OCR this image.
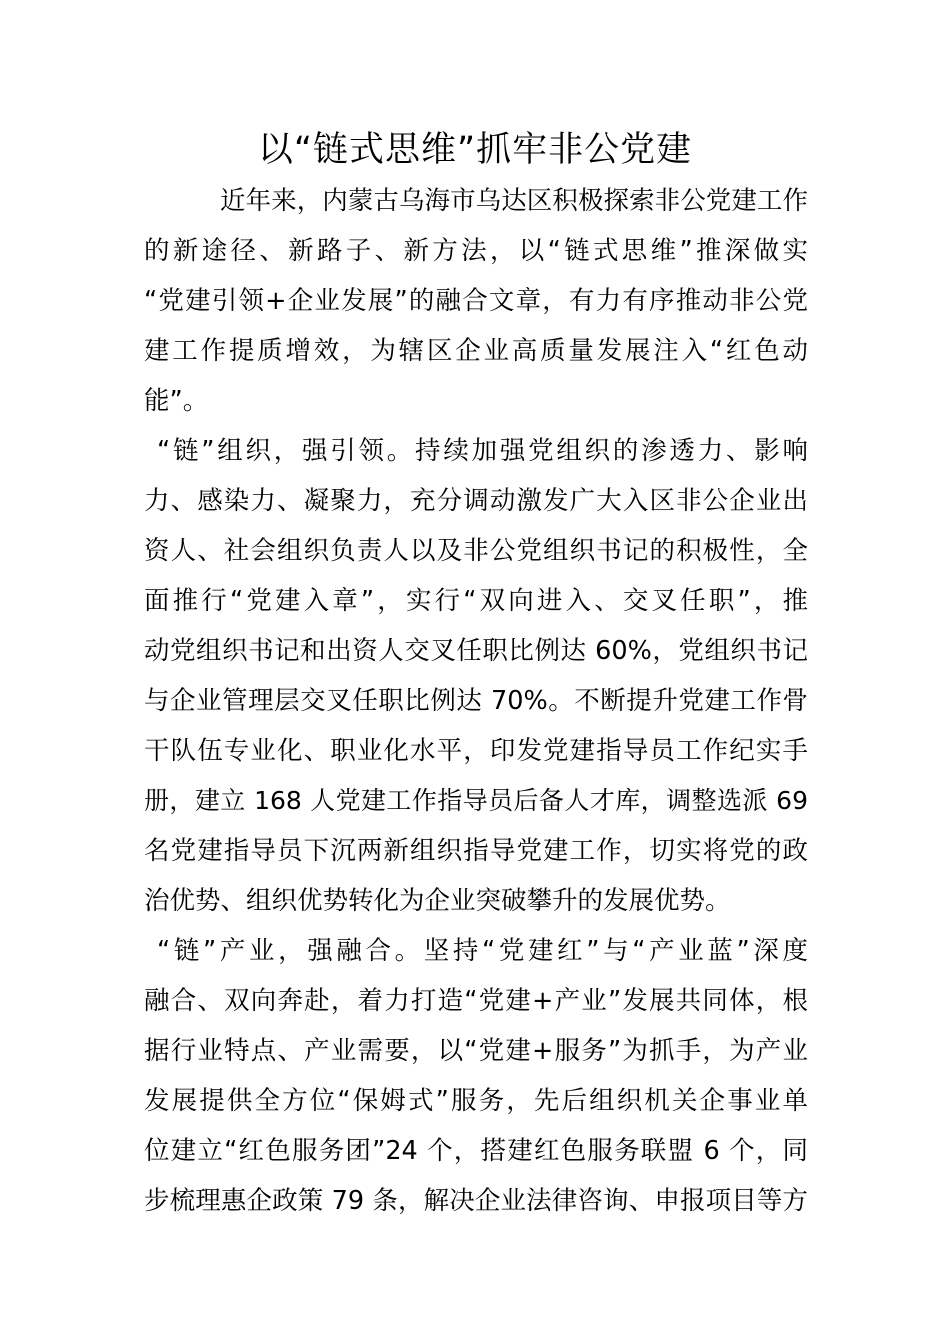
以“链式思维”抓牢非公党建

近年来，内蒙古乌海市乌达区积极探索非公党建工作

的新途径、新路子、新方法，以“链式思维”推深做实

“党建引领+企业发展”的融合文章，有力有序推动非公党

建工作提质增效，为辖区企业高质量发展注入“红色动

能”。

“链”组织，强引领。持续加强党组织的渗透力、影响

力、感染力、凝聚力，充分调动激发广大入区非公企业出

资人、社会组织负责人以及非公党组织书记的积极性，全

面推行“党建入章”，实行“双向进入、交叉任职”，推

动党组织书记和出资人交叉任职比例达 60%，党组织书记

与企业管理层交叉任职比例达 70%。不断提升党建工作骨

干队伍专业化、职业化水平，印发党建指导员工作纪实手

册，建立 168 人党建工作指导员后备人才库，调整选派 69

名党建指导员下沉两新组织指导党建工作，切实将党的政

治优势、组织优势转化为企业突破攀升的发展优势。

“链”产业，强融合。坚持“党建红”与“产业蓝”深度

融合、双向奔赴，着力打造“党建+产业”发展共同体，根

据行业特点、产业需要，以“党建+服务”为抓手，为产业

发展提供全方位“保姆式”服务，先后组织机关企事业单

位建立“红色服务团”24 个，搭建红色服务联盟 6 个，同

步梳理惠企政策 79 条，解决企业法律咨询、申报项目等方
